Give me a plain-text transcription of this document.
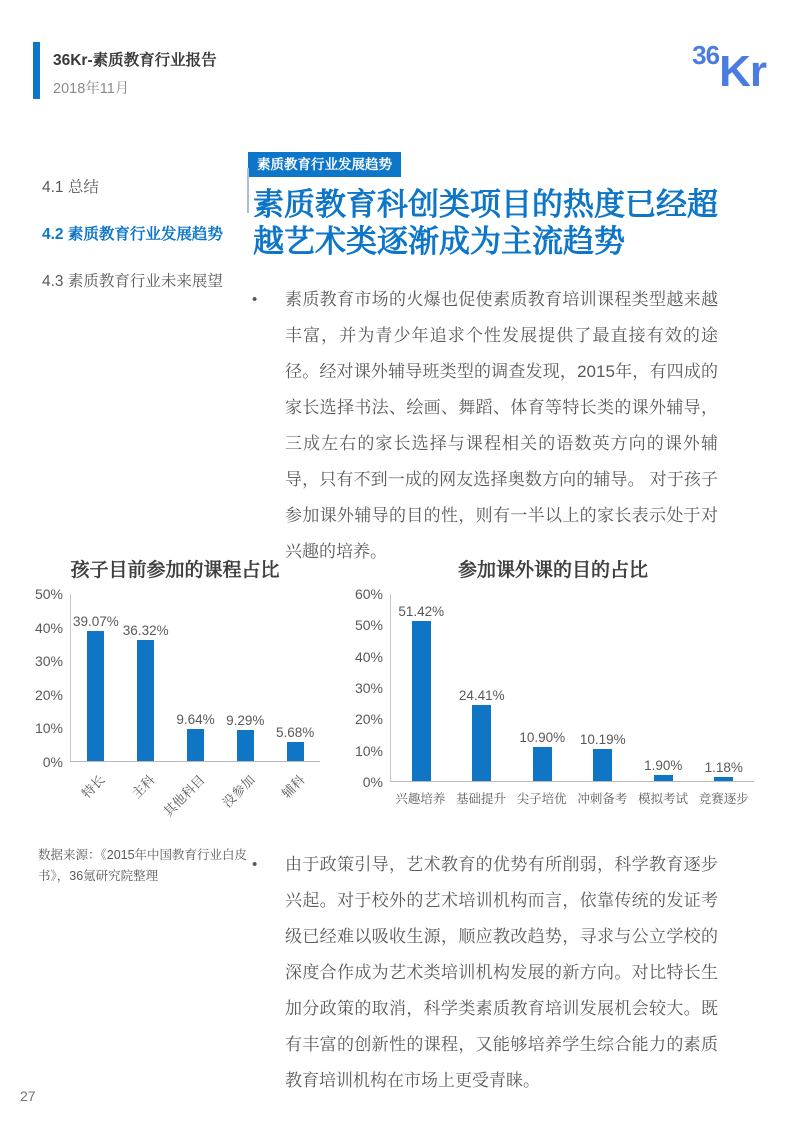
36Kr-素质教育行业报告
2018年11月
36Kr
4.1 总结
4.2 素质教育行业发展趋势
4.3 素质教育行业未来展望
素质教育行业发展趋势
素质教育科创类项目的热度已经超越艺术类逐渐成为主流趋势
•	素质教育市场的火爆也促使素质教育培训课程类型越来越丰富，并为青少年追求个性发展提供了最直接有效的途径。经对课外辅导班类型的调查发现，2015年，有四成的家长选择书法、绘画、舞蹈、体育等特长类的课外辅导，三成左右的家长选择与课程相关的语数英方向的课外辅导，只有不到一成的网友选择奥数方向的辅导。 对于孩子参加课外辅导的目的性，则有一半以上的家长表示处于对兴趣的培养。
孩子目前参加的课程占比
0%
10%
20%
30%
40%
50%
39.07%
36.32%
9.64% 9.29%
5.68%
特长 主科 其他科目 没参加 辅科
参加课外课的目的占比
0%
10%
20%
30%
40%
50%
60%
51.42%
24.41%
10.90% 10.19%
1.90% 1.18%
兴趣培养 基础提升 尖子培优 冲刺备考 模拟考试 竞赛逐步
数据来源：《2015年中国教育行业白皮书》，36氪研究院整理
•	由于政策引导，艺术教育的优势有所削弱，科学教育逐步兴起。对于校外的艺术培训机构而言，依靠传统的发证考级已经难以吸收生源，顺应教改趋势，寻求与公立学校的深度合作成为艺术类培训机构发展的新方向。对比特长生加分政策的取消，科学类素质教育培训发展机会较大。既有丰富的创新性的课程，又能够培养学生综合能力的素质教育培训机构在市场上更受青睐。
27
